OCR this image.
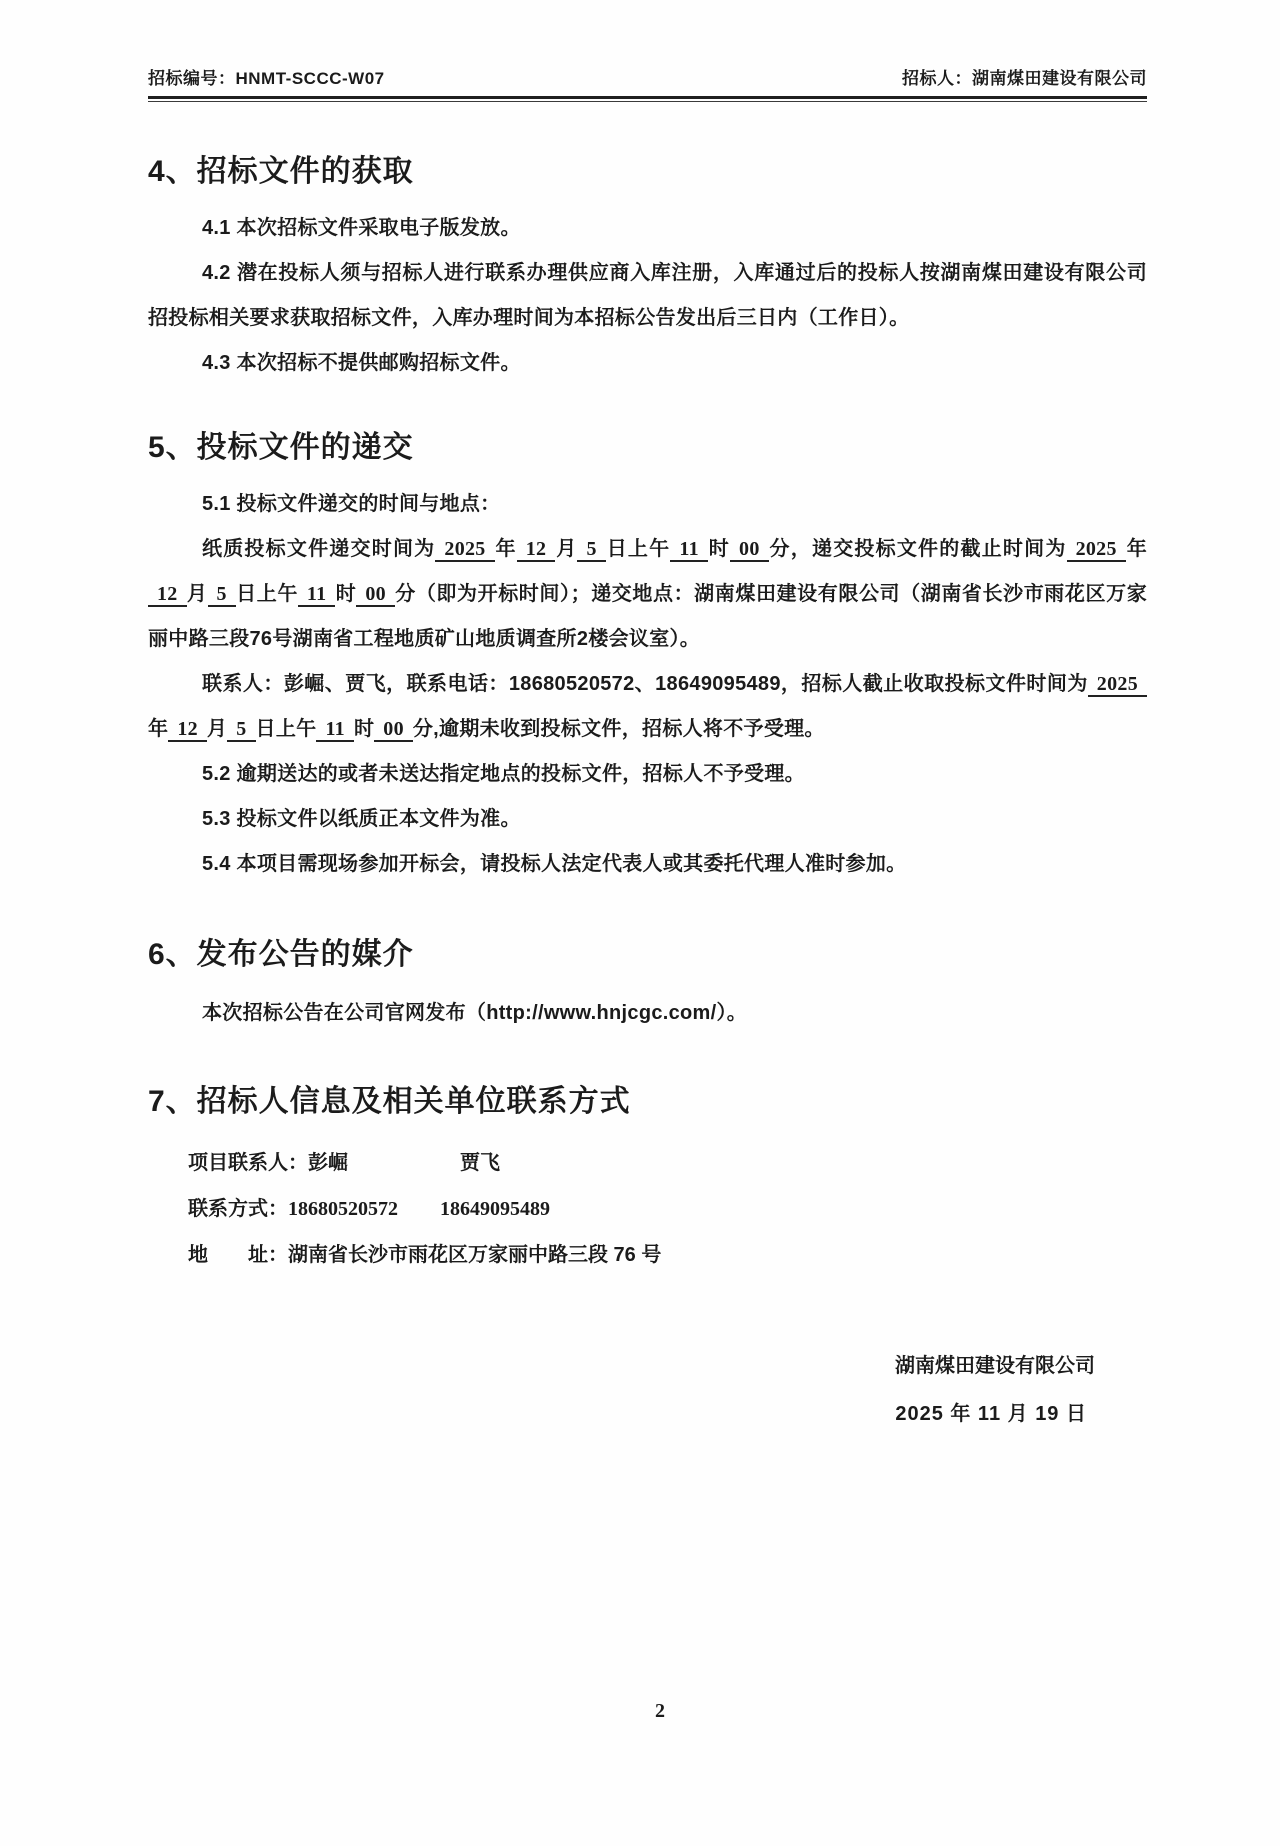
招标编号：HNMT-SCCC-W07	招标人：湖南煤田建设有限公司
4、招标文件的获取

4.1 本次招标文件采取电子版发放。

4.2 潜在投标人须与招标人进行联系办理供应商入库注册，入库通过后的投标人按湖南煤田建设有限公司招投标相关要求获取招标文件，入库办理时间为本招标公告发出后三日内（工作日）。

4.3 本次招标不提供邮购招标文件。

5、投标文件的递交

5.1 投标文件递交的时间与地点：

纸质投标文件递交时间为 2025 年 12 月 5 日上午 11 时 00 分，递交投标文件的截止时间为 2025 年12 月 5 日上午 11 时 00 分（即为开标时间）；递交地点：湖南煤田建设有限公司（湖南省长沙市雨花区万家丽中路三段76号湖南省工程地质矿山地质调查所2楼会议室）。

联系人：彭崛、贾飞，联系电话：18680520572、18649095489，招标人截止收取投标文件时间为 2025年 12 月 5 日上午 11 时 00 分,逾期未收到投标文件，招标人将不予受理。

5.2 逾期送达的或者未送达指定地点的投标文件，招标人不予受理。

5.3 投标文件以纸质正本文件为准。

5.4 本项目需现场参加开标会，请投标人法定代表人或其委托代理人准时参加。

6、发布公告的媒介

本次招标公告在公司官网发布（http://www.hnjcgc.com/）。

7、招标人信息及相关单位联系方式
项目联系人：彭崛	贾飞
联系方式：18680520572 18649095489
地　　址：湖南省长沙市雨花区万家丽中路三段 76 号
湖南煤田建设有限公司
2025 年 11 月 19 日
2
